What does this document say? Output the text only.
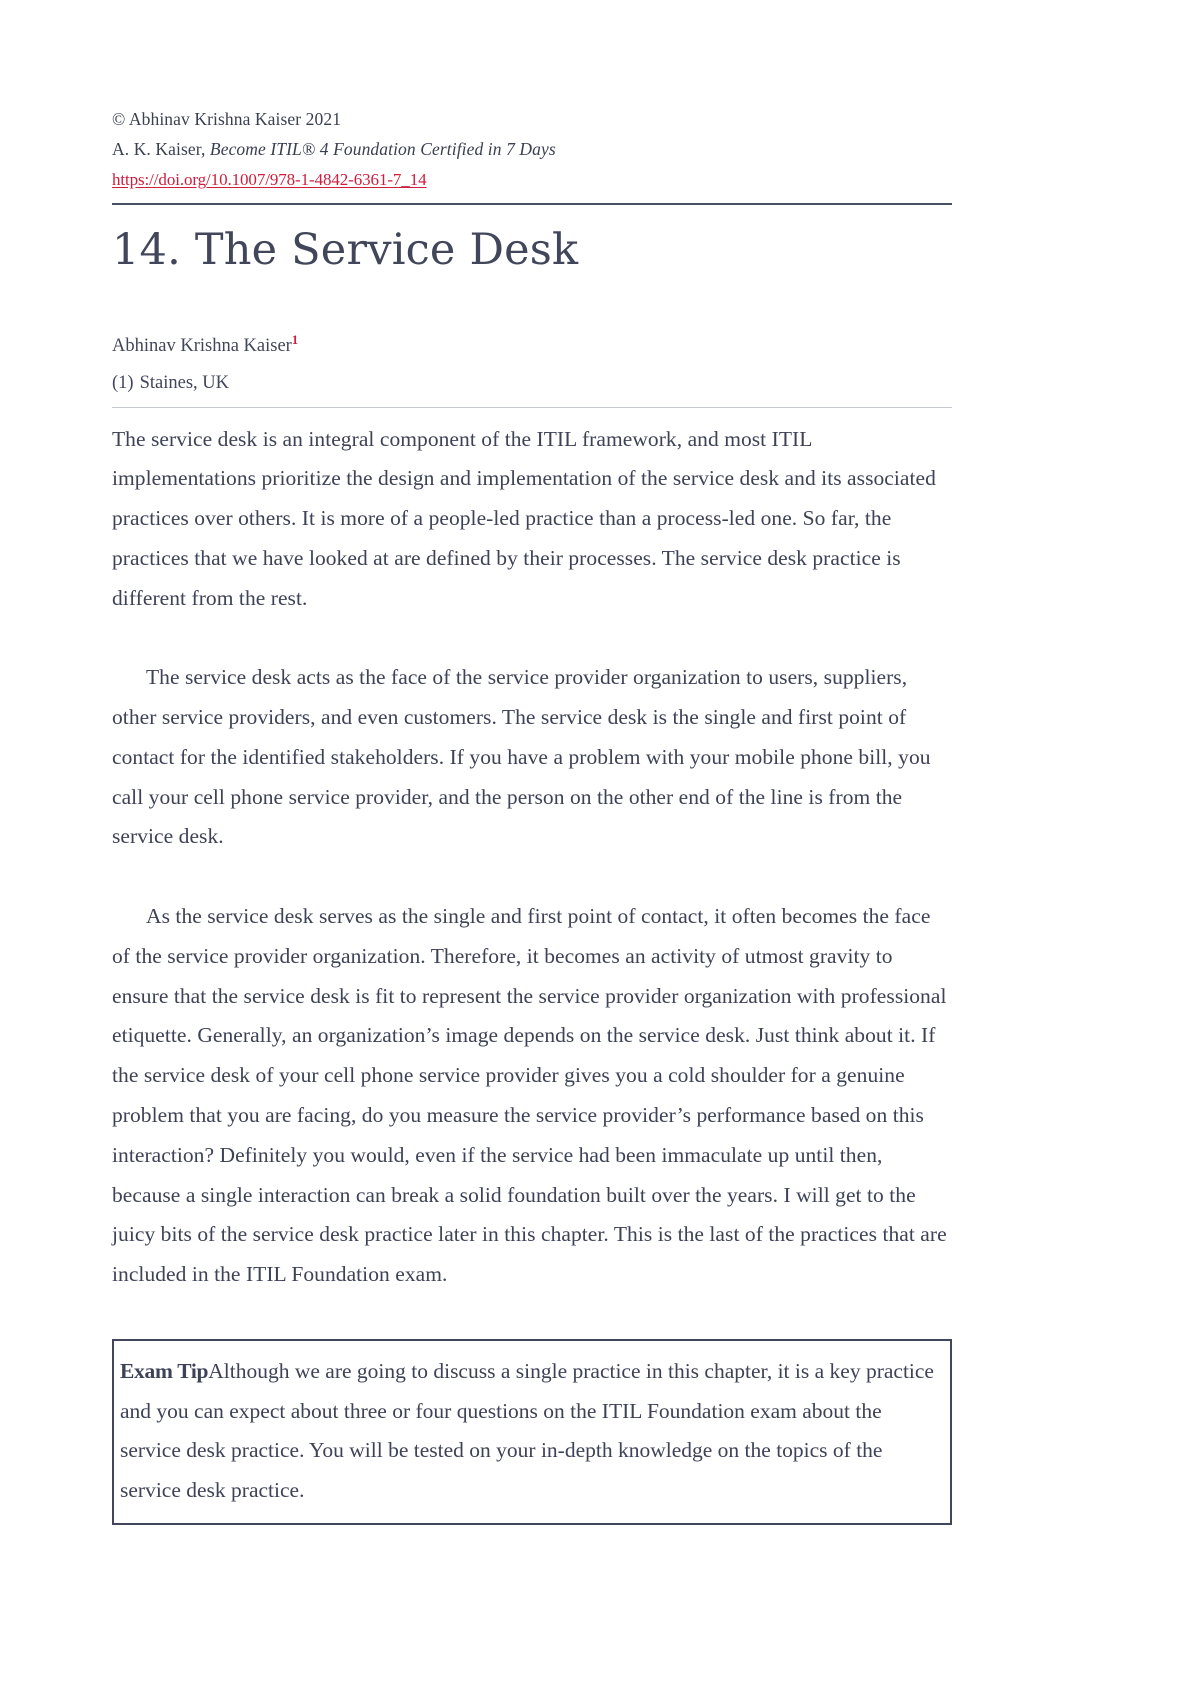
© Abhinav Krishna Kaiser 2021

A. K. Kaiser, Become ITIL® 4 Foundation Certified in 7 Days

https://doi.org/10.1007/978-1-4842-6361-7_14
14. The Service Desk

Abhinav Krishna Kaiser$^1$

(1) Staines, UK

The service desk is an integral component of the ITIL framework, and most ITIL implementations prioritize the design and implementation of the service desk and its associated practices over others. It is more of a people-led practice than a process-led one. So far, the practices that we have looked at are defined by their processes. The service desk practice is different from the rest.

The service desk acts as the face of the service provider organization to users, suppliers, other service providers, and even customers. The service desk is the single and first point of contact for the identified stakeholders. If you have a problem with your mobile phone bill, you call your cell phone service provider, and the person on the other end of the line is from the service desk.

As the service desk serves as the single and first point of contact, it often becomes the face of the service provider organization. Therefore, it becomes an activity of utmost gravity to ensure that the service desk is fit to represent the service provider organization with professional etiquette. Generally, an organization’s image depends on the service desk. Just think about it. If the service desk of your cell phone service provider gives you a cold shoulder for a genuine problem that you are facing, do you measure the service provider’s performance based on this interaction? Definitely you would, even if the service had been immaculate up until then, because a single interaction can break a solid foundation built over the years. I will get to the juicy bits of the service desk practice later in this chapter. This is the last of the practices that are included in the ITIL Foundation exam.

Exam TipAlthough we are going to discuss a single practice in this chapter, it is a key practice and you can expect about three or four questions on the ITIL Foundation exam about the service desk practice. You will be tested on your in-depth knowledge on the topics of the service desk practice.
